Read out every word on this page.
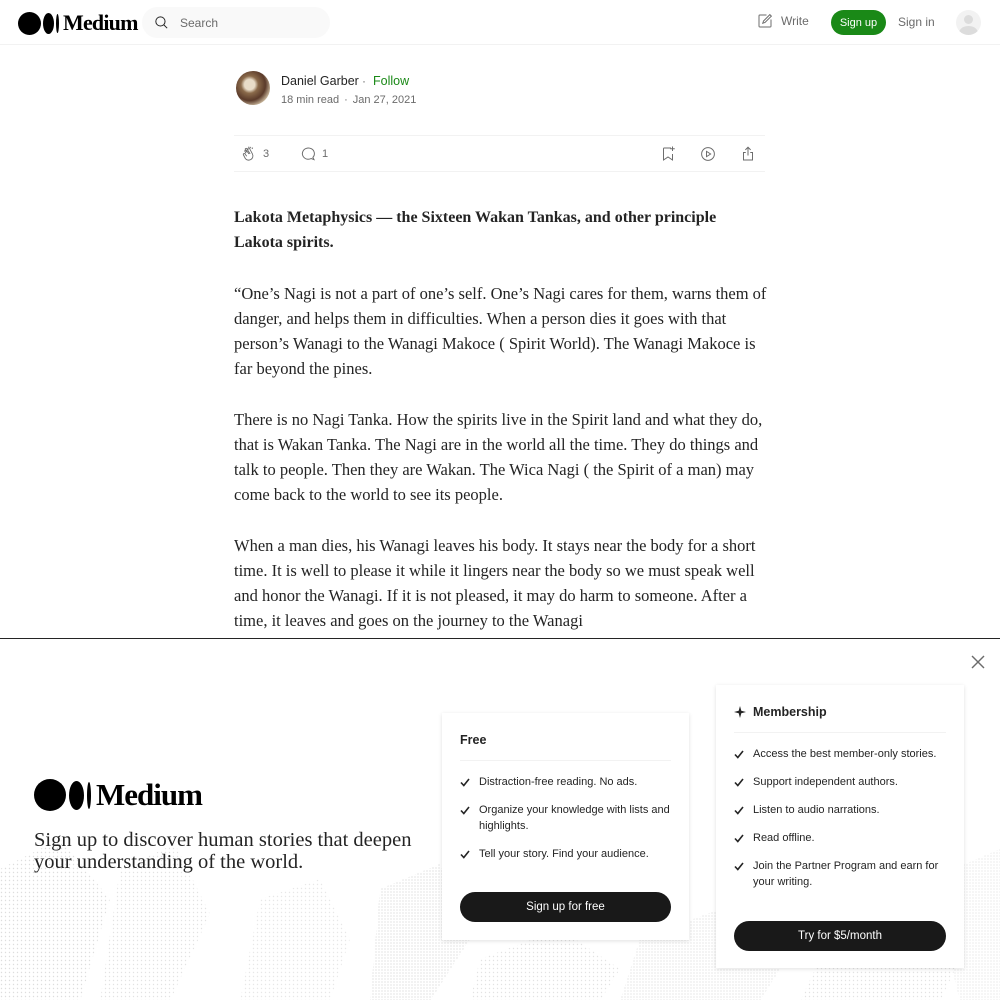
Medium
Search	Write	Sign up	Sign in
Daniel Garber · Follow
18 min read · Jan 27, 2021
3	1
Lakota Metaphysics — the Sixteen Wakan Tankas, and other principle Lakota spirits.

“One’s Nagi is not a part of one’s self. One’s Nagi cares for them, warns them of danger, and helps them in difficulties. When a person dies it goes with that person’s Wanagi to the Wanagi Makoce ( Spirit World). The Wanagi Makoce is far beyond the pines.

There is no Nagi Tanka. How the spirits live in the Spirit land and what they do, that is Wakan Tanka. The Nagi are in the world all the time. They do things and talk to people. Then they are Wakan. The Wica Nagi ( the Spirit of a man) may come back to the world to see its people.

When a man dies, his Wanagi leaves his body. It stays near the body for a short time. It is well to please it while it lingers near the body so we must speak well and honor the Wanagi. If it is not pleased, it may do harm to someone. After a time, it leaves and goes on the journey to the Wanagi

Medium
Sign up to discover human stories that deepen your understanding of the world.
Free
Distraction-free reading. No ads.
Organize your knowledge with lists and highlights.
Tell your story. Find your audience.
Sign up for free
Membership
Access the best member-only stories.
Support independent authors.
Listen to audio narrations.
Read offline.
Join the Partner Program and earn for your writing.
Try for $5/month
